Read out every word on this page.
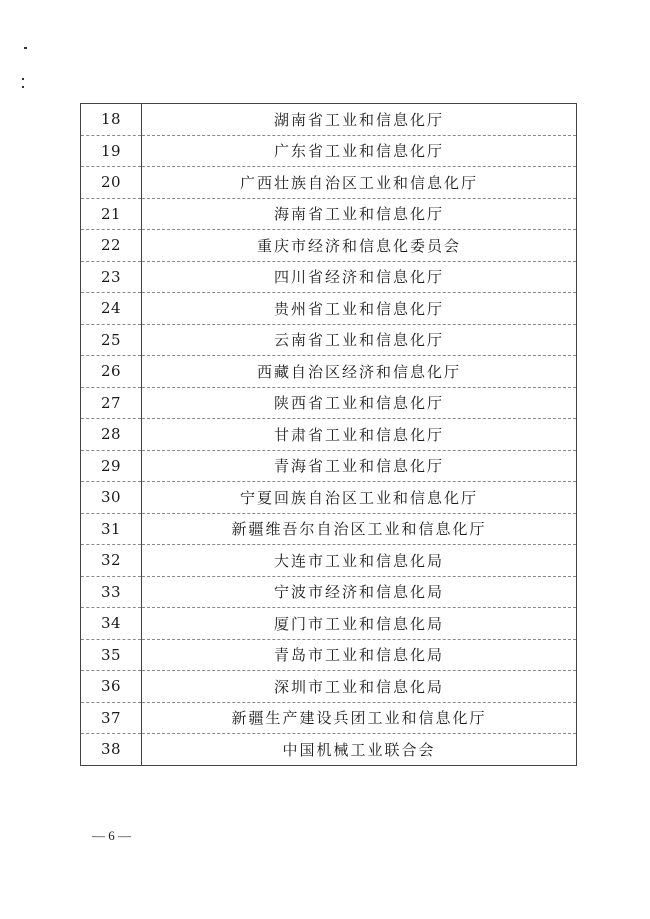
18	湖南省工业和信息化厅
19	广东省工业和信息化厅
20	广西壮族自治区工业和信息化厅
21	海南省工业和信息化厅
22	重庆市经济和信息化委员会
23	四川省经济和信息化厅
24	贵州省工业和信息化厅
25	云南省工业和信息化厅
26	西藏自治区经济和信息化厅
27	陕西省工业和信息化厅
28	甘肃省工业和信息化厅
29	青海省工业和信息化厅
30	宁夏回族自治区工业和信息化厅
31	新疆维吾尔自治区工业和信息化厅
32	大连市工业和信息化局
33	宁波市经济和信息化局
34	厦门市工业和信息化局
35	青岛市工业和信息化局
36	深圳市工业和信息化局
37	新疆生产建设兵团工业和信息化厅
38	中国机械工业联合会
— 6 —
